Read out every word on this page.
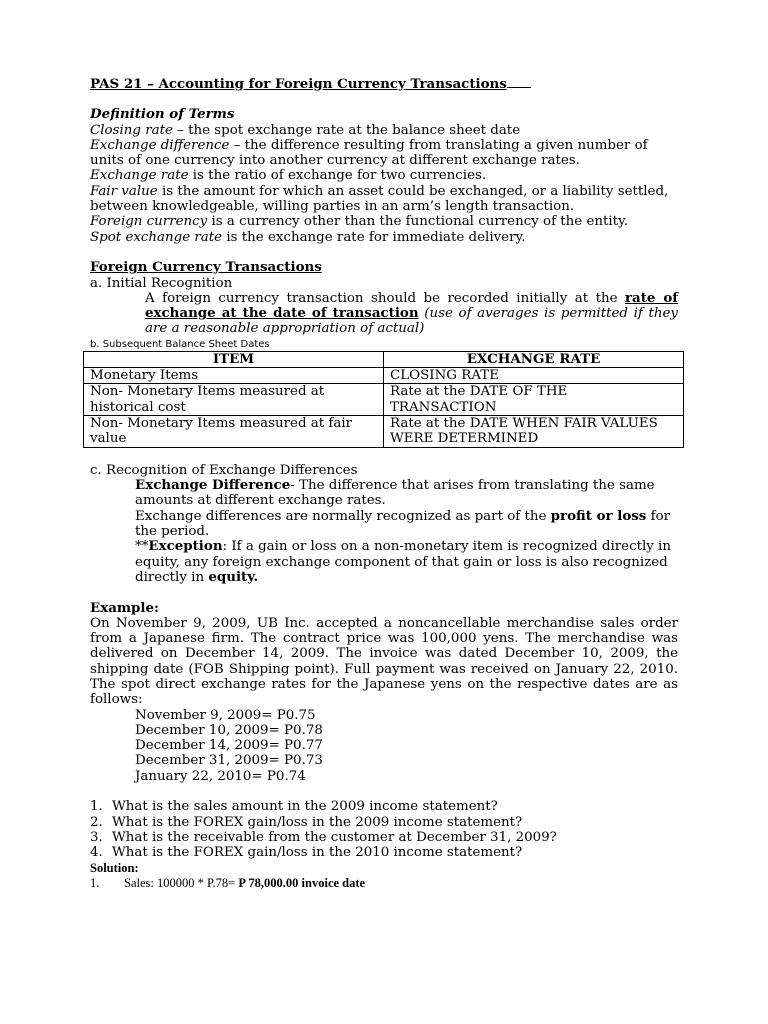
PAS 21 – Accounting for Foreign Currency Transactions
Definition of Terms

Closing rate – the spot exchange rate at the balance sheet date

Exchange difference – the difference resulting from translating a given number of units of one currency into another currency at different exchange rates.

Exchange rate is the ratio of exchange for two currencies.

Fair value is the amount for which an asset could be exchanged, or a liability settled, between knowledgeable, willing parties in an arm’s length transaction.

Foreign currency is a currency other than the functional currency of the entity.

Spot exchange rate is the exchange rate for immediate delivery.

Foreign Currency Transactions
a. Initial Recognition

A foreign currency transaction should be recorded initially at the rate of exchange at the date of transaction (use of averages is permitted if they are a reasonable appropriation of actual)

b. Subsequent Balance Sheet Dates
ITEM	EXCHANGE RATE
Monetary Items	CLOSING RATE
Non- Monetary Items measured at historical cost	Rate at the DATE OF THE TRANSACTION
Non- Monetary Items measured at fair value	Rate at the DATE WHEN FAIR VALUES WERE DETERMINED
c. Recognition of Exchange Differences

Exchange Difference- The difference that arises from translating the same amounts at different exchange rates.

Exchange differences are normally recognized as part of the profit or loss for the period.

**Exception: If a gain or loss on a non-monetary item is recognized directly in equity, any foreign exchange component of that gain or loss is also recognized directly in equity.

Example:

On November 9, 2009, UB Inc. accepted a noncancellable merchandise sales order from a Japanese firm. The contract price was 100,000 yens. The merchandise was delivered on December 14, 2009. The invoice was dated December 10, 2009, the shipping date (FOB Shipping point). Full payment was received on January 22, 2010. The spot direct exchange rates for the Japanese yens on the respective dates are as follows:

November 9, 2009= P0.75
December 10, 2009= P0.78
December 14, 2009= P0.77
December 31, 2009= P0.73
January 22, 2010= P0.74
1. What is the sales amount in the 2009 income statement?
2. What is the FOREX gain/loss in the 2009 income statement?
3. What is the receivable from the customer at December 31, 2009?
4. What is the FOREX gain/loss in the 2010 income statement?
Solution:
1. Sales: 100000 * P.78= P 78,000.00 invoice date
